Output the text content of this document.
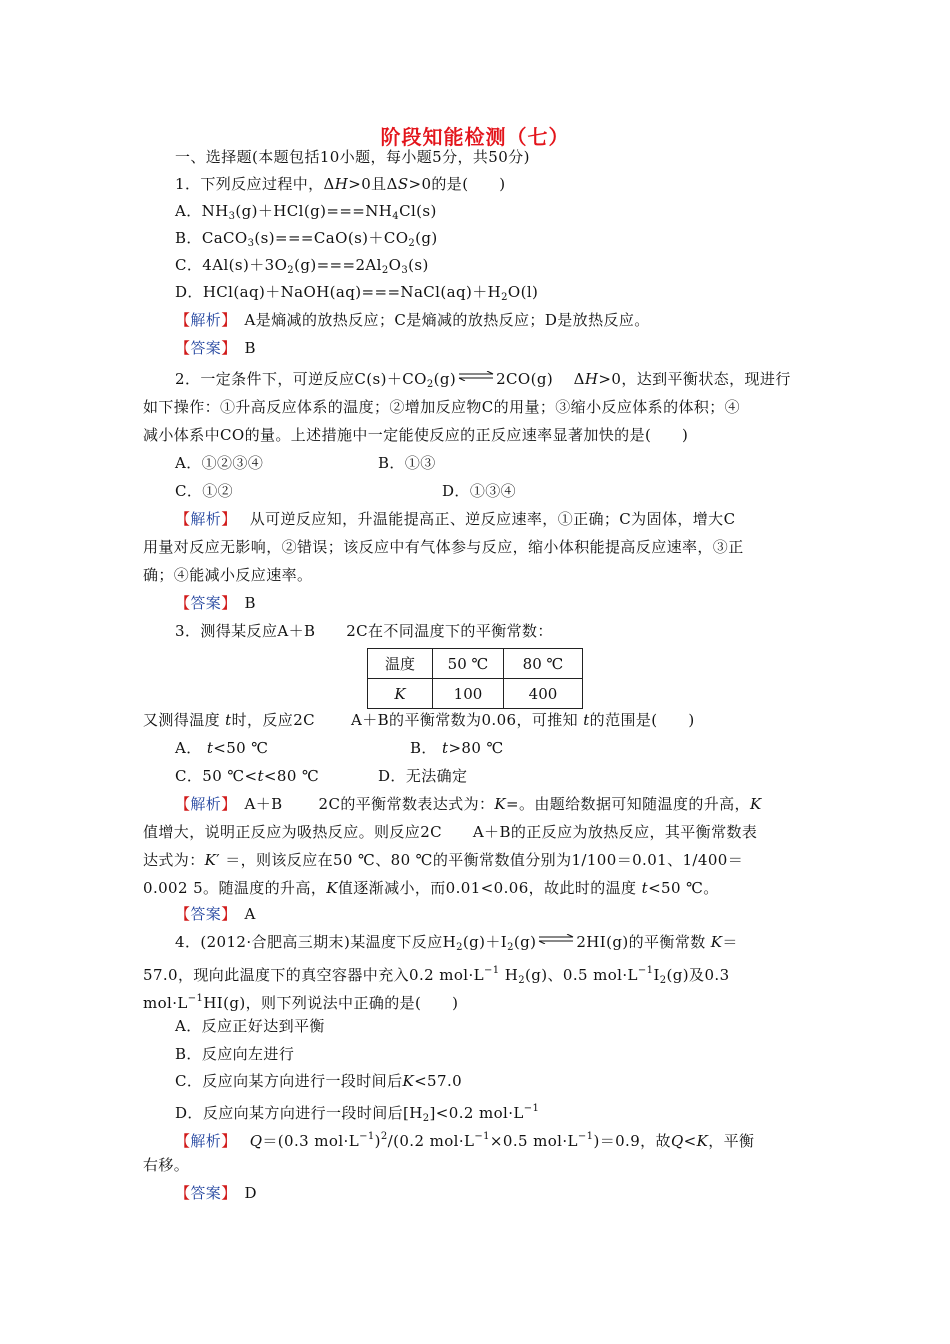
阶段知能检测（七）
一、选择题(本题包括10小题，每小题5分，共50分)
1．下列反应过程中，ΔH>0且ΔS>0的是(　　)
A．$NH_3(g)+HCl(g)===NH_4Cl(s)$
B．$CaCO_3(s)===CaO(s)+CO_2(g)$
C．$4Al(s)+3O_2(g)===2Al_2O_3(s)$
D．$HCl(aq)+NaOH(aq)===NaCl(aq)+H_2O(l)$
【解析】　A是熵减的放热反应；C是熵减的放热反应；D是放热反应。
【答案】　 B
2．一定条件下，可逆反应$C(s)+CO_2(g)\rightleftharpoons 2CO(g)$　 ΔH>0，达到平衡状态，现进行
如下操作：①升高反应体系的温度；②增加反应物C的用量；③缩小反应体系的体积；④
减小体系中CO的量。上述措施中一定能使反应的正反应速率显著加快的是(　　)
A．①②③④	B．①③
C．①②	D．①③④
【解析】　 从可逆反应知，升温能提高正、逆反应速率，①正确；C为固体，增大C
用量对反应无影响，②错误；该反应中有气体参与反应，缩小体积能提高反应速率，③正
确；④能减小反应速率。
【答案】　 B
3．测得某反应A＋B　　2C在不同温度下的平衡常数：
温度	50 ℃	80 ℃
K	100	400
又测得温度 t时，反应2C　　 A＋B的平衡常数为0.06，可推知 t的范围是(　　)
A． t<50 ℃	B． t>80 ℃
C．50 ℃<t<80 ℃	D．无法确定
【解析】　A＋B　　 2C的平衡常数表达式为：K=。由题给数据可知随温度的升高，K
值增大，说明正反应为吸热反应。则反应2C　　A＋B的正反应为放热反应，其平衡常数表
达式为：K′ ＝，则该反应在50 ℃、80 ℃的平衡常数值分别为1/100＝0.01、1/400＝
0.002 5。随温度的升高，K值逐渐减小，而0.01<0.06，故此时的温度 t<50 ℃。
【答案】　 A
4．(2012·合肥高三期末)某温度下反应$H_2(g)+I_2(g)\rightleftharpoons 2HI(g)$的平衡常数 K＝
57.0，现向此温度下的真空容器中充入0.2 $mol\cdot L^{-1}$ $H_2(g)$、0.5 $mol\cdot L^{-1}I_2(g)$及0.3
$mol\cdot L^{-1}HI(g)$，则下列说法中正确的是(　　)
A．反应正好达到平衡
B．反应向左进行
C．反应向某方向进行一段时间后K<57.0
D．反应向某方向进行一段时间后$[H_2]<0.2$ $mol\cdot L^{-1}$
【解析】　 Q＝(0.3 $mol\cdot L^{-1})^2/(0.2$ $mol\cdot L^{-1}\times 0.5$ $mol\cdot L^{-1})=0.9$，故Q<K，平衡
右移。
【答案】　 D
